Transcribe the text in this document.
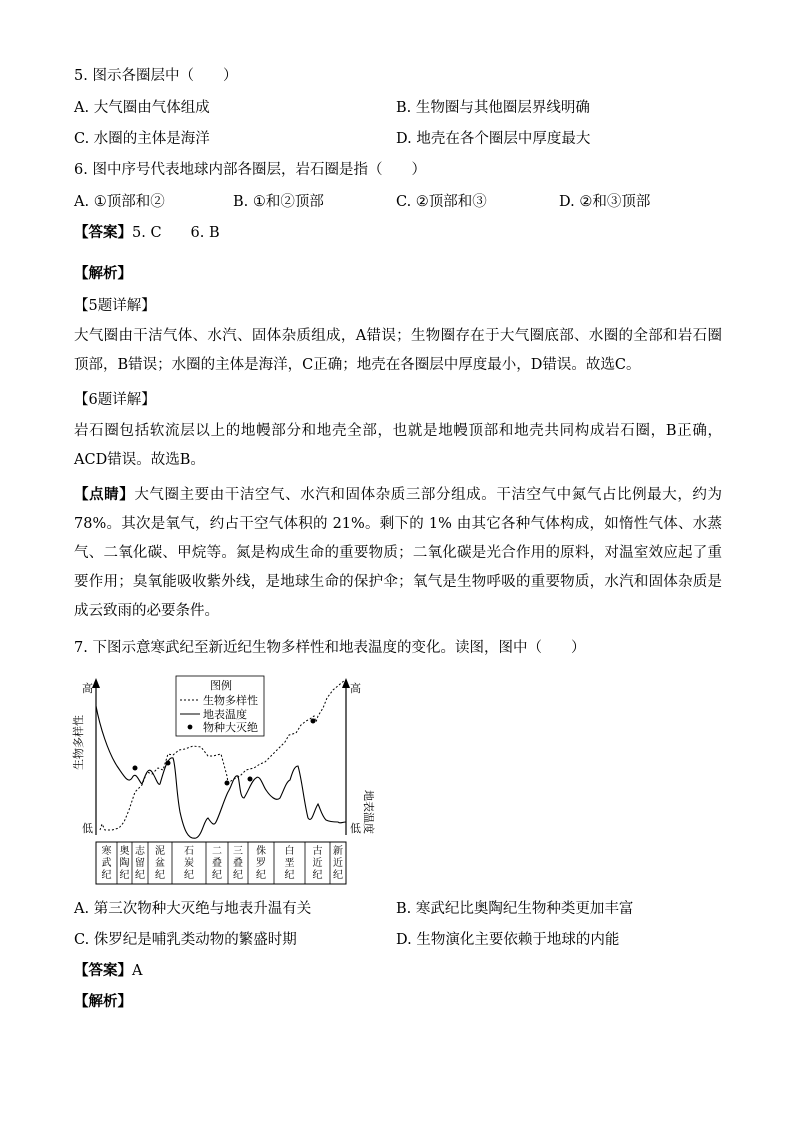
5. 图示各圈层中（　　）
A. 大气圈由气体组成	B. 生物圈与其他圈层界线明确
C. 水圈的主体是海洋	D. 地壳在各个圈层中厚度最大
6. 图中序号代表地球内部各圈层，岩石圈是指（　　）
A. ①顶部和②	B. ①和②顶部	C. ②顶部和③	D. ②和③顶部
【答案】5. C　　6. B
【解析】
【5题详解】
大气圈由干洁气体、水汽、固体杂质组成，A错误；生物圈存在于大气圈底部、水圈的全部和岩石圈顶部，B错误；水圈的主体是海洋，C正确；地壳在各圈层中厚度最小，D错误。故选C。
【6题详解】
岩石圈包括软流层以上的地幔部分和地壳全部，也就是地幔顶部和地壳共同构成岩石圈，B正确，ACD错误。故选B。
【点睛】大气圈主要由干洁空气、水汽和固体杂质三部分组成。干洁空气中氮气占比例最大，约为 78%。其次是氧气，约占干空气体积的 21%。剩下的 1% 由其它各种气体构成，如惰性气体、水蒸气、二氧化碳、甲烷等。氮是构成生命的重要物质；二氧化碳是光合作用的原料，对温室效应起了重要作用；臭氧能吸收紫外线，是地球生命的保护伞；氧气是生物呼吸的重要物质，水汽和固体杂质是成云致雨的必要条件。
7. 下图示意寒武纪至新近纪生物多样性和地表温度的变化。读图，图中（　　）
高
低
生物多样性
高
低 地表温度
图例
生物多样性
地表温度
物种大灭绝
寒武纪
奥陶纪
志留纪
泥盆纪
石炭纪
二叠纪
三叠纪
侏罗纪
白垩纪
古近纪
新近纪
A. 第三次物种大灭绝与地表升温有关	B. 寒武纪比奥陶纪生物种类更加丰富
C. 侏罗纪是哺乳类动物的繁盛时期	D. 生物演化主要依赖于地球的内能
【答案】A
【解析】
